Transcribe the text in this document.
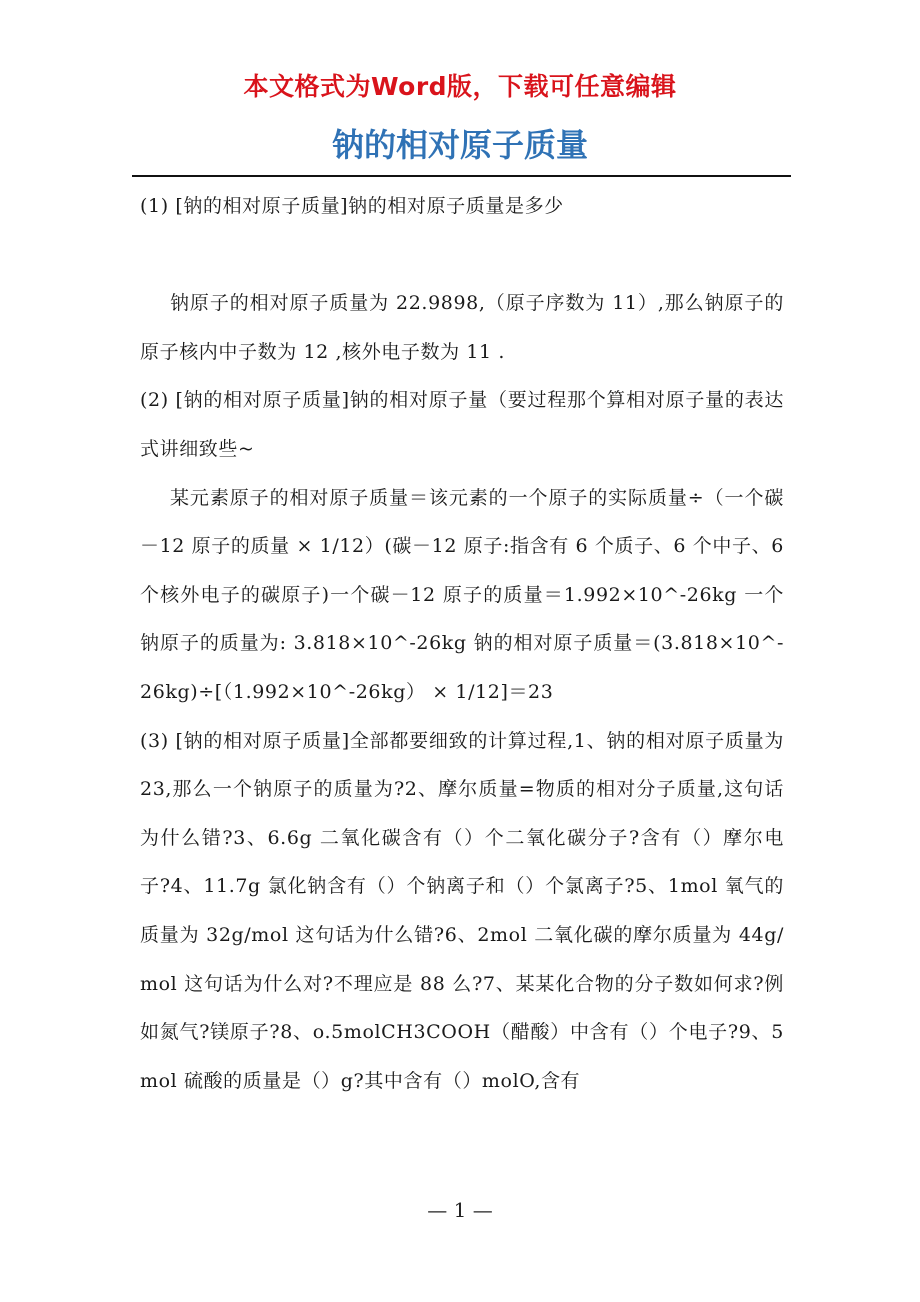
本文格式为Word版，下载可任意编辑
钠的相对原子质量

(1) [钠的相对原子质量]钠的相对原子质量是多少

钠原子的相对原子质量为 22.9898,（原子序数为 11）,那么钠原子的原子核内中子数为 12 ,核外电子数为 11 .

(2) [钠的相对原子质量]钠的相对原子量（要过程那个算相对原子量的表达式讲细致些~

某元素原子的相对原子质量＝该元素的一个原子的实际质量÷（一个碳－12 原子的质量 × 1/12）(碳－12 原子:指含有 6 个质子、6 个中子、6 个核外电子的碳原子)一个碳－12 原子的质量＝1.992×10^-26kg 一个钠原子的质量为: 3.818×10^-26kg 钠的相对原子质量＝(3.818×10^-26kg)÷[（1.992×10^-26kg） × 1/12]＝23

(3) [钠的相对原子质量]全部都要细致的计算过程,1、钠的相对原子质量为 23,那么一个钠原子的质量为?2、摩尔质量=物质的相对分子质量,这句话为什么错?3、6.6g 二氧化碳含有（）个二氧化碳分子?含有（）摩尔电子?4、11.7g 氯化钠含有（）个钠离子和（）个氯离子?5、1mol 氧气的质量为 32g/mol 这句话为什么错?6、2mol 二氧化碳的摩尔质量为 44g/mol 这句话为什么对?不理应是 88 么?7、某某化合物的分子数如何求?例如氮气?镁原子?8、o.5molCH3COOH（醋酸）中含有（）个电子?9、5mol 硫酸的质量是（）g?其中含有（）molO,含有

— 1 —
